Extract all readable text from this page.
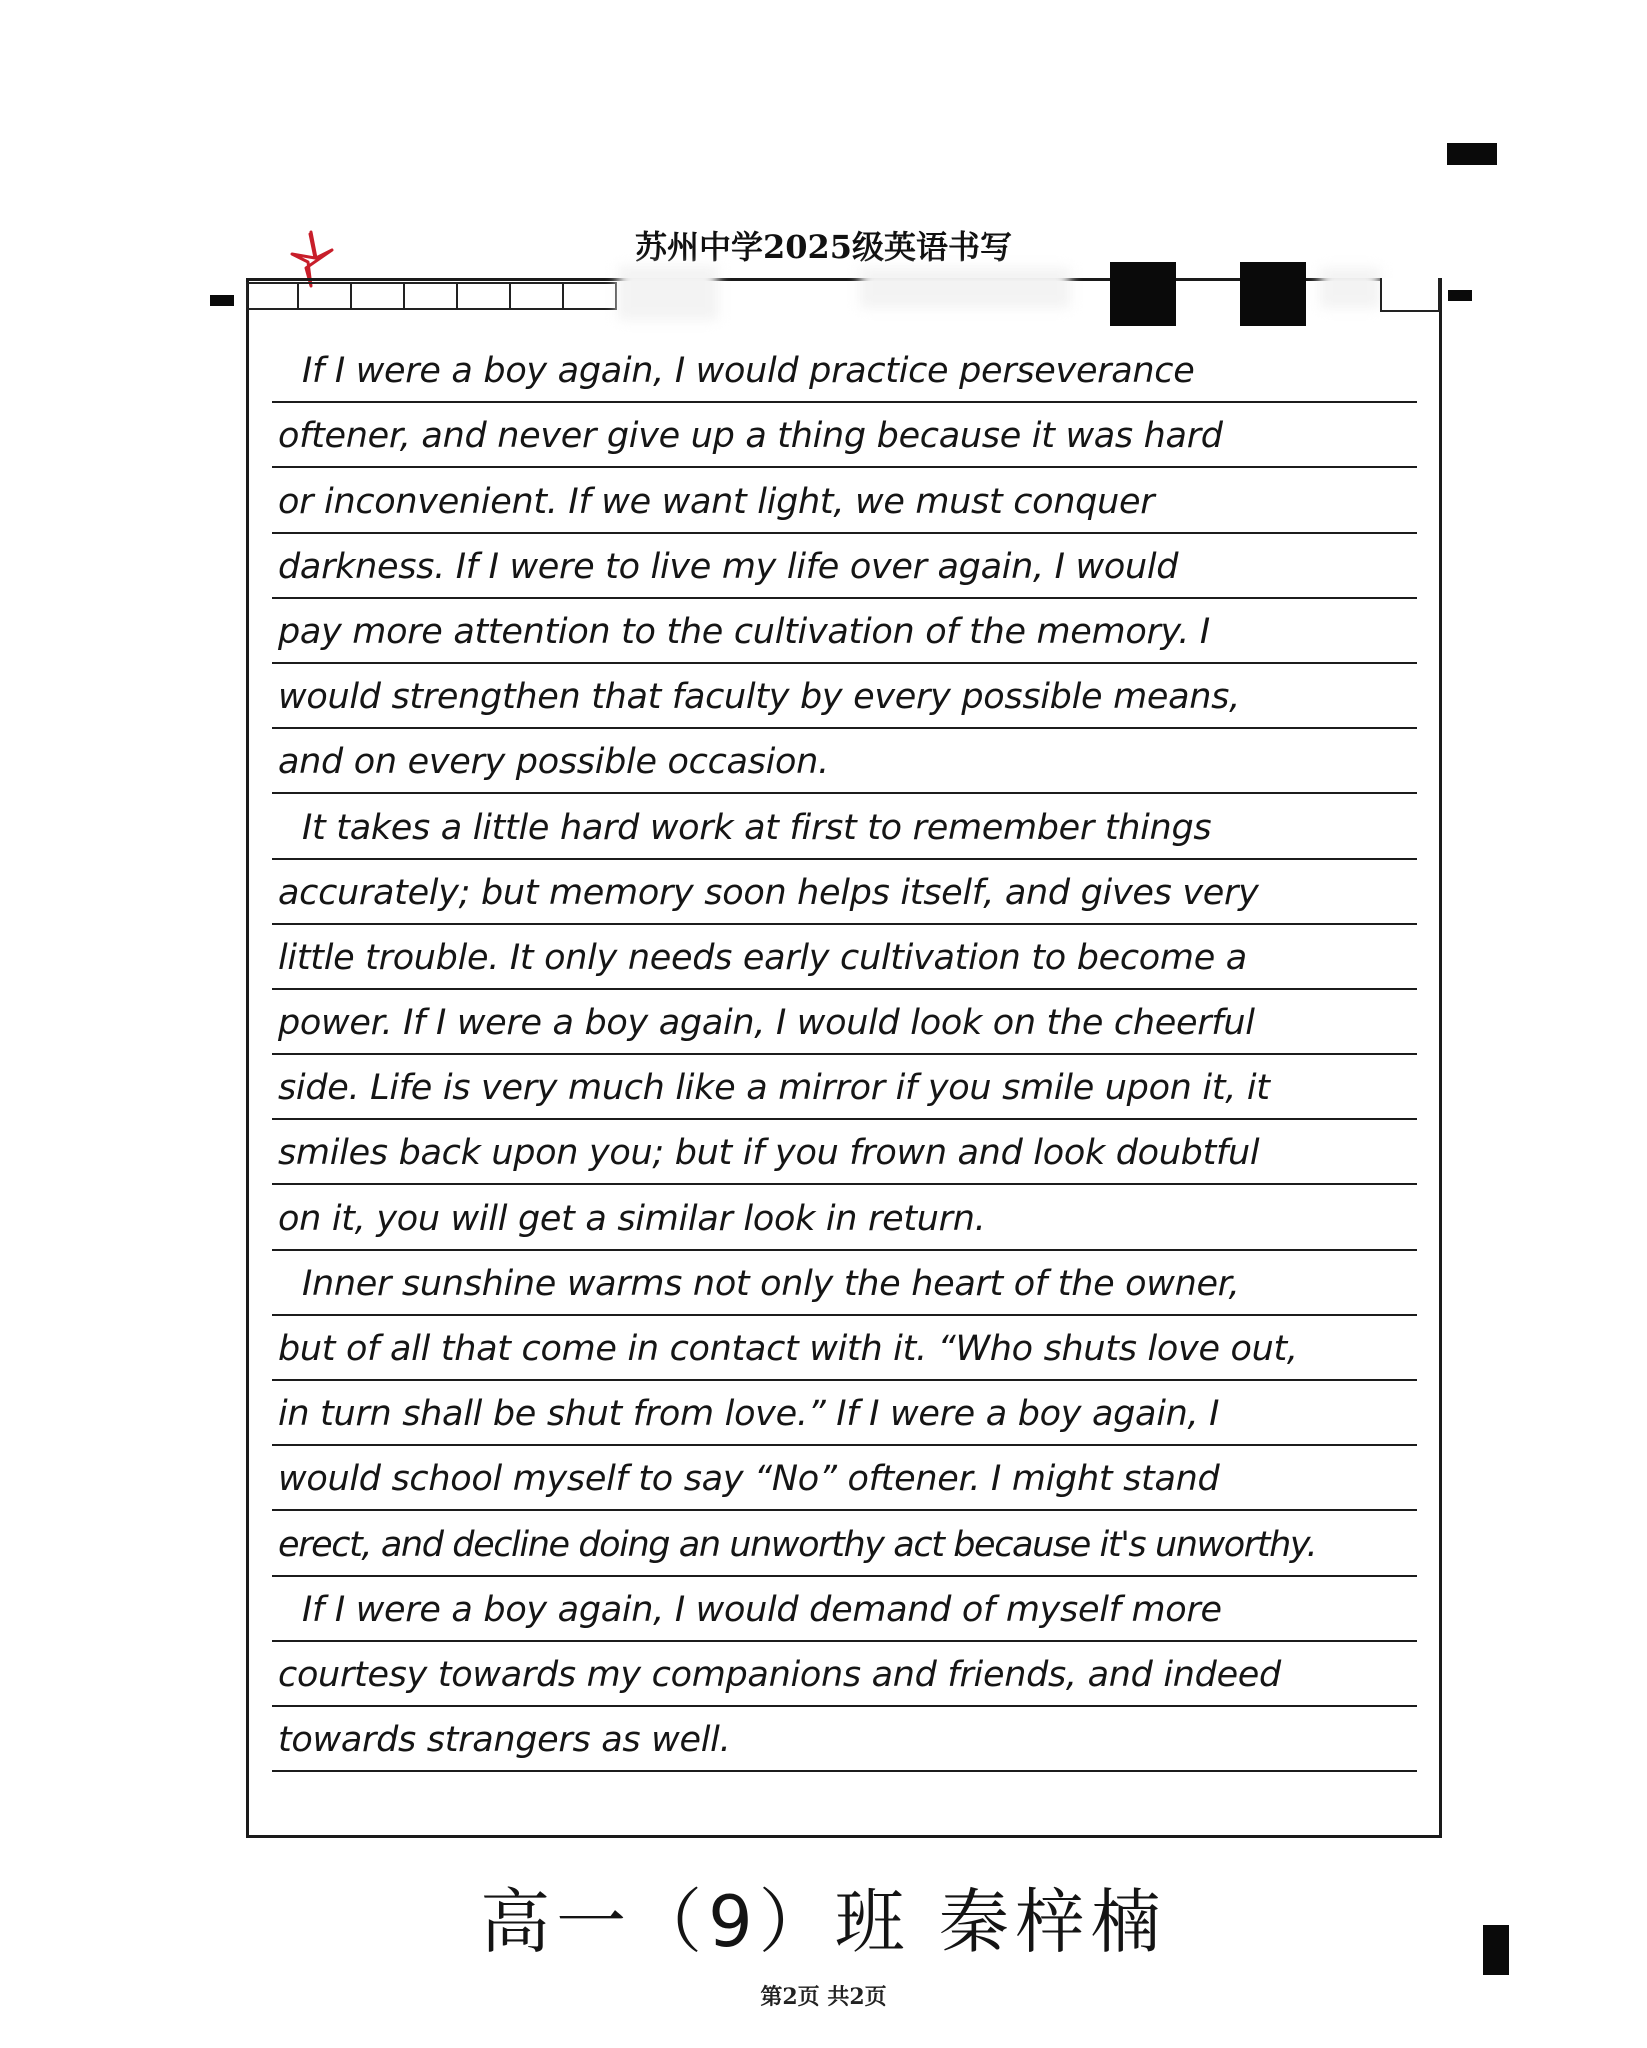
苏州中学2025级英语书写
If I were a boy again, I would practice perseverance
oftener, and never give up a thing because it was hard
or inconvenient. If we want light, we must conquer
darkness. If I were to live my life over again, I would
pay more attention to the cultivation of the memory. I
would strengthen that faculty by every possible means,
and on every possible occasion.
It takes a little hard work at first to remember things
accurately; but memory soon helps itself, and gives very
little trouble. It only needs early cultivation to become a
power. If I were a boy again, I would look on the cheerful
side. Life is very much like a mirror if you smile upon it, it
smiles back upon you; but if you frown and look doubtful
on it, you will get a similar look in return.
Inner sunshine warms not only the heart of the owner,
but of all that come in contact with it. “Who shuts love out,
in turn shall be shut from love.” If I were a boy again, I
would school myself to say “No” oftener. I might stand
erect, and decline doing an unworthy act because it's unworthy.
If I were a boy again, I would demand of myself more
courtesy towards my companions and friends, and indeed
towards strangers as well.
高一（9）班 秦梓楠
第2页 共2页
